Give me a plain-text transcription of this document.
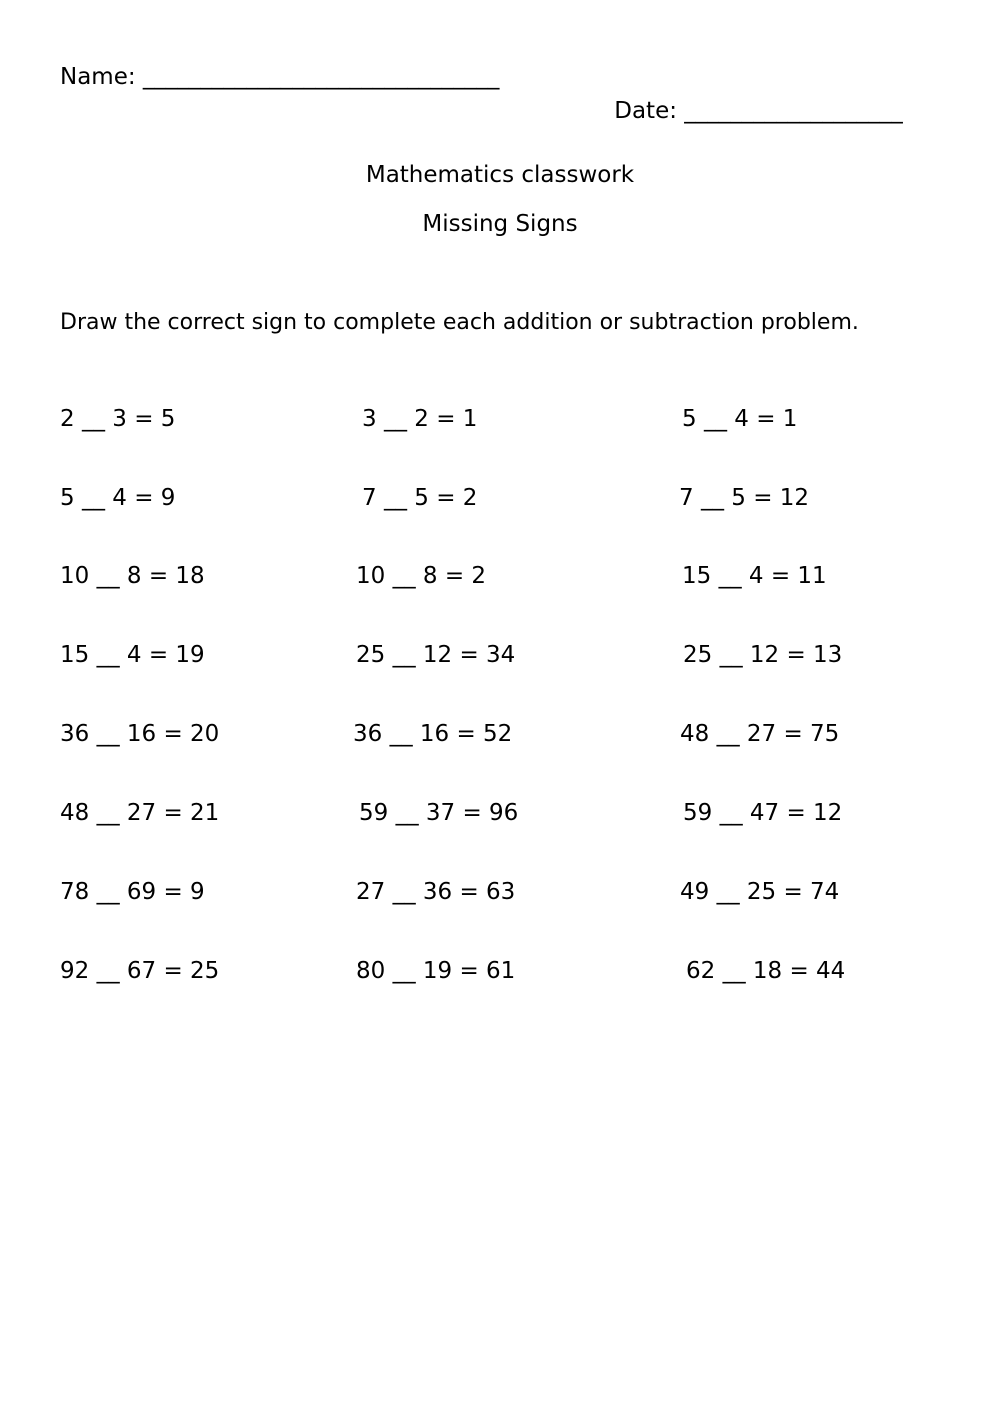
Name: _______________________________

Date: ___________________

Mathematics classwork
Missing Signs
Draw the correct sign to complete each addition or subtraction problem.
2 __ 3 = 5	3 __ 2 = 1	5 __ 4 = 1
5 __ 4 = 9	7 __ 5 = 2	7 __ 5 = 12
10 __ 8 = 18	10 __ 8 = 2	15 __ 4 = 11
15 __ 4 = 19	25 __ 12 = 34	25 __ 12 = 13
36 __ 16 = 20	36 __ 16 = 52	48 __ 27 = 75
48 __ 27 = 21	59 __ 37 = 96	59 __ 47 = 12
78 __ 69 = 9	27 __ 36 = 63	49 __ 25 = 74
92 __ 67 = 25	80 __ 19 = 61	62 __ 18 = 44
